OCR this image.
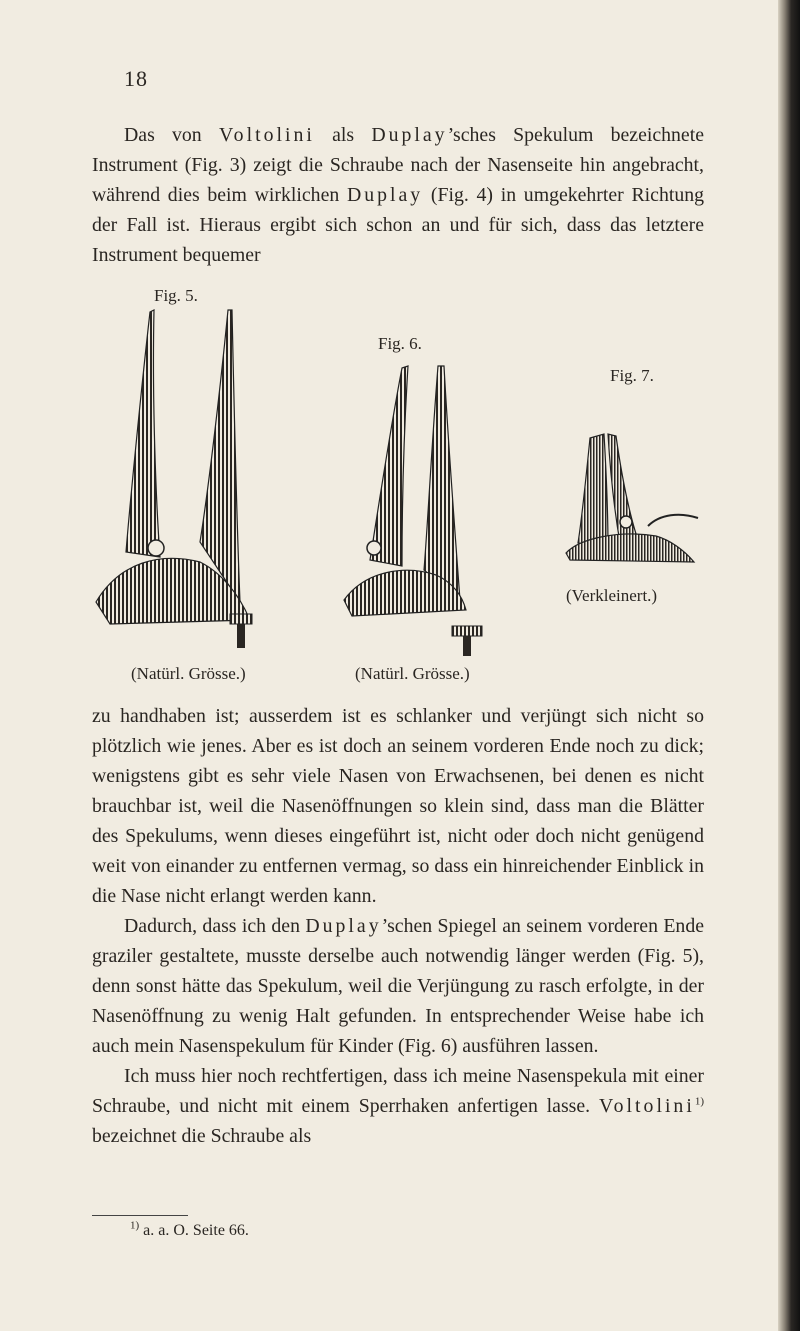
18

Das von Voltolini als Duplay’sches Spekulum bezeichnete Instrument (Fig. 3) zeigt die Schraube nach der Nasenseite hin angebracht, während dies beim wirklichen Duplay (Fig. 4) in umgekehrter Richtung der Fall ist. Hieraus ergibt sich schon an und für sich, dass das letztere Instrument bequemer

Fig. 5.
Fig. 6.
Fig. 7.
(Natürl. Grösse.)	(Natürl. Grösse.)
(Verkleinert.)

zu handhaben ist; ausserdem ist es schlanker und verjüngt sich nicht so plötzlich wie jenes. Aber es ist doch an seinem vorderen Ende noch zu dick; wenigstens gibt es sehr viele Nasen von Erwachsenen, bei denen es nicht brauchbar ist, weil die Nasenöffnungen so klein sind, dass man die Blätter des Spekulums, wenn dieses eingeführt ist, nicht oder doch nicht genügend weit von einander zu entfernen vermag, so dass ein hinreichender Einblick in die Nase nicht erlangt werden kann.

Dadurch, dass ich den Duplay’schen Spiegel an seinem vorderen Ende graziler gestaltete, musste derselbe auch notwendig länger werden (Fig. 5), denn sonst hätte das Spekulum, weil die Verjüngung zu rasch erfolgte, in der Nasenöffnung zu wenig Halt gefunden. In entsprechender Weise habe ich auch mein Nasenspekulum für Kinder (Fig. 6) ausführen lassen.

Ich muss hier noch rechtfertigen, dass ich meine Nasenspekula mit einer Schraube, und nicht mit einem Sperrhaken anfertigen lasse. Voltolini$^{1)}$ bezeichnet die Schraube als

$^{1)}$ a. a. O. Seite 66.
